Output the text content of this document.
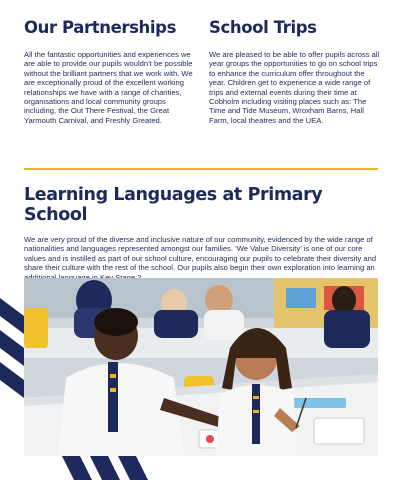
Our Partnerships

All the fantastic opportunities and experiences we are able to provide our pupils wouldn’t be possible without the brilliant partners that we work with. We are exceptionally proud of the excellent working relationships we have with a range of charities, organisations and local community groups including, the Out There Festival, the Great Yarmouth Carnival, and Freshly Greated.

School Trips

We are pleased to be able to offer pupils across all year groups the opportunities to go on school trips to enhance the curriculum offer throughout the year. Children get to experience a wide range of trips and external events during their time at Cobholm including visiting places such as: The Time and Tide Museum, Wroxham Barns, Hall Farm, local theatres and the UEA.

Learning Languages at Primary School

We are very proud of the diverse and inclusive nature of our community, evidenced by the wide range of nationalities and languages represented amongst our families. ‘We Value Diversity’ is one of our core values and is instilled as part of our school culture, encouraging our pupils to celebrate their diversity and share their culture with the rest of the school. Our pupils also begin their own exploration into learning an
